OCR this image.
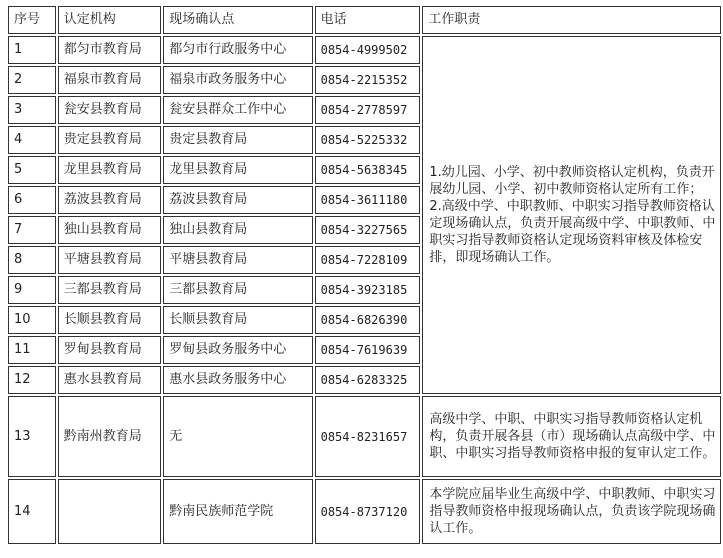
序号	认定机构	现场确认点	电话	工作职责
1	都匀市教育局	都匀市行政服务中心	0854-4999502	1.幼儿园、小学、初中教师资格认定机构，负责开展幼儿园、小学、初中教师资格认定所有工作；
2.高级中学、中职教师、中职实习指导教师资格认定现场确认点，负责开展高级中学、中职教师、中职实习指导教师资格认定现场资料审核及体检安排，即现场确认工作。

2	福泉市教育局	福泉市政务服务中心	0854-2215352	
3	瓮安县教育局	瓮安县群众工作中心	0854-2778597	
4	贵定县教育局	贵定县教育局	0854-5225332	
5	龙里县教育局	龙里县教育局	0854-5638345	
6	荔波县教育局	荔波县教育局	0854-3611180	
7	独山县教育局	独山县教育局	0854-3227565	
8	平塘县教育局	平塘县教育局	0854-7228109	
9	三都县教育局	三都县教育局	0854-3923185	
10	长顺县教育局	长顺县教育局	0854-6826390	
11	罗甸县教育局	罗甸县政务服务中心	0854-7619639	
12	惠水县教育局	惠水县政务服务中心	0854-6283325	
13	黔南州教育局	无	0854-8231657	高级中学、中职、中职实习指导教师资格认定机构，负责开展各县（市）现场确认点高级中学、中职、中职实习指导教师资格申报的复审认定工作。
14		黔南民族师范学院	0854-8737120	本学院应届毕业生高级中学、中职教师、中职实习指导教师资格申报现场确认点，负责该学院现场确认工作。
